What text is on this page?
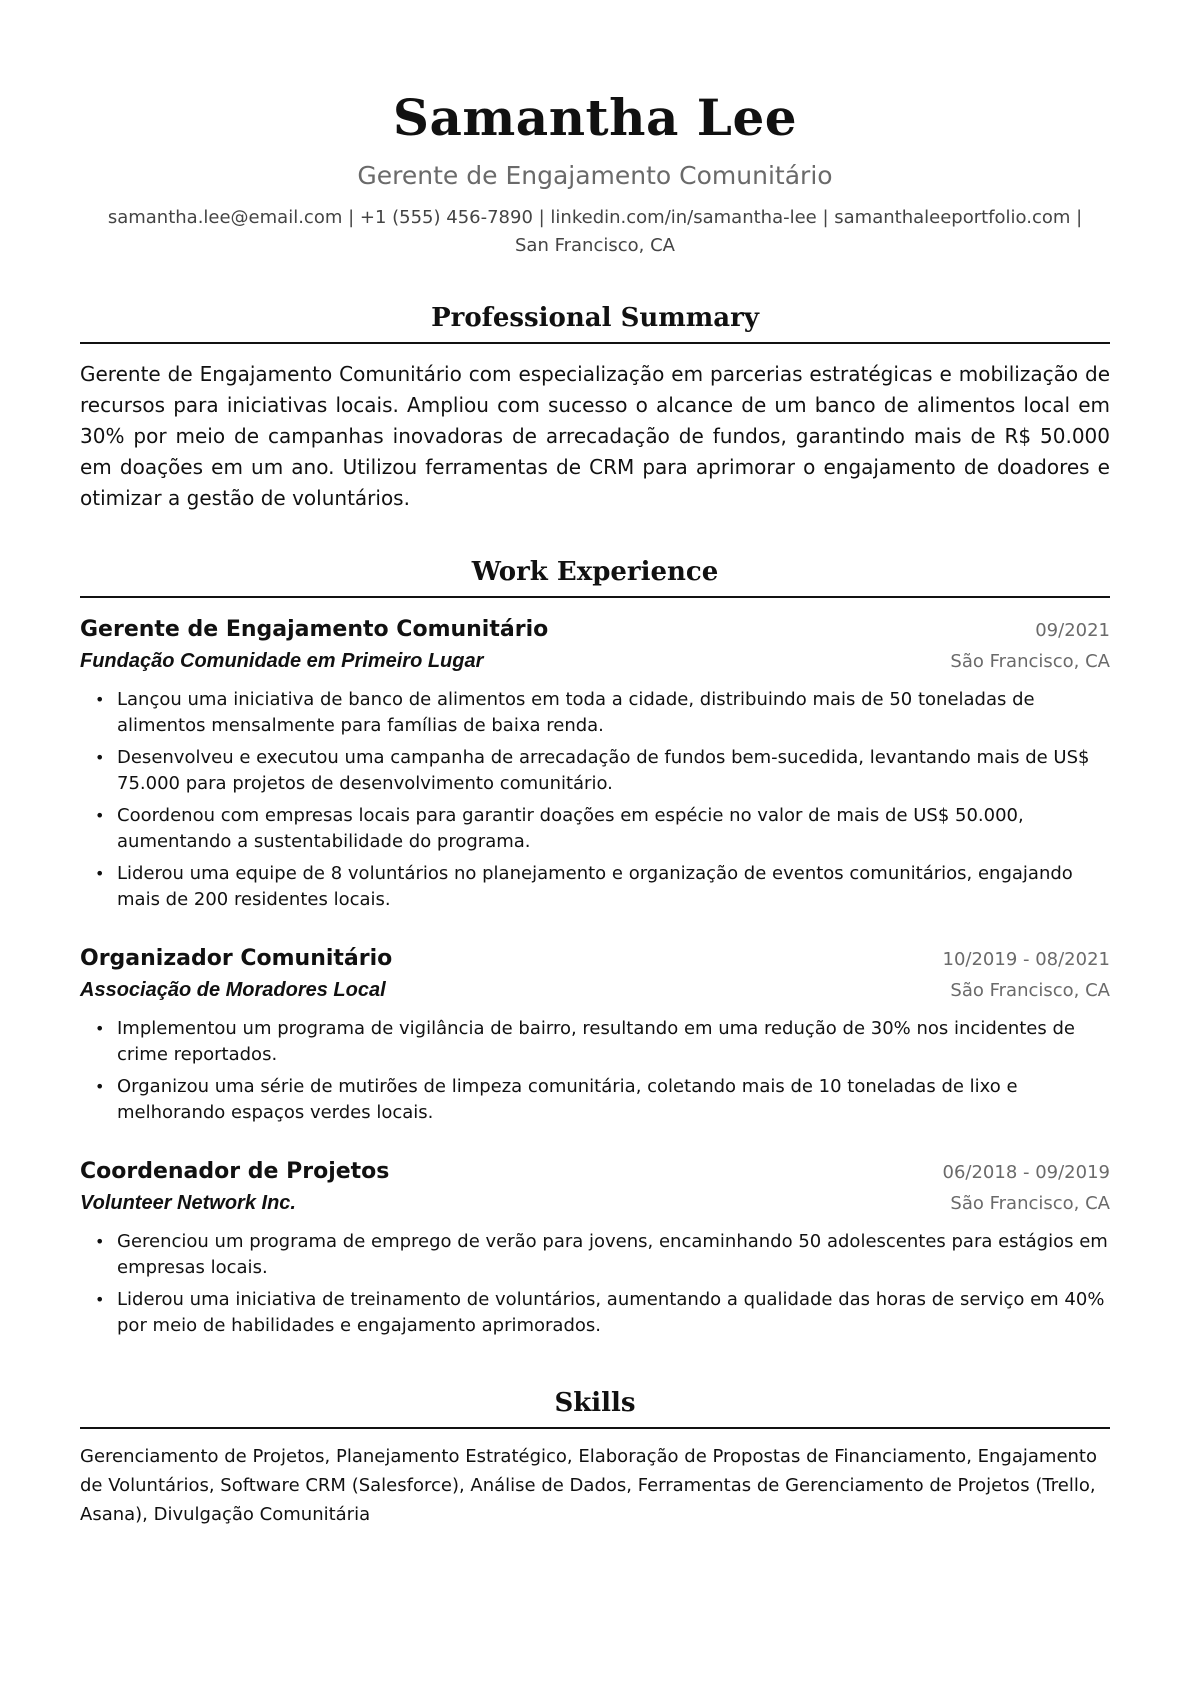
Samantha Lee
Gerente de Engajamento Comunitário
samantha.lee@email.com | +1 (555) 456-7890 | linkedin.com/in/samantha-lee | samanthaleeportfolio.com |
San Francisco, CA
Professional Summary

Gerente de Engajamento Comunitário com especialização em parcerias estratégicas e mobilização de recursos para iniciativas locais. Ampliou com sucesso o alcance de um banco de alimentos local em 30% por meio de campanhas inovadoras de arrecadação de fundos, garantindo mais de R$ 50.000 em doações em um ano. Utilizou ferramentas de CRM para aprimorar o engajamento de doadores e otimizar a gestão de voluntários.

Work Experience
Gerente de Engajamento Comunitário	09/2021
Fundação Comunidade em Primeiro Lugar	São Francisco, CA
• Lançou uma iniciativa de banco de alimentos em toda a cidade, distribuindo mais de 50 toneladas de alimentos mensalmente para famílias de baixa renda.
• Desenvolveu e executou uma campanha de arrecadação de fundos bem-sucedida, levantando mais de US$ 75.000 para projetos de desenvolvimento comunitário.
• Coordenou com empresas locais para garantir doações em espécie no valor de mais de US$ 50.000, aumentando a sustentabilidade do programa.
• Liderou uma equipe de 8 voluntários no planejamento e organização de eventos comunitários, engajando mais de 200 residentes locais.
Organizador Comunitário	10/2019 - 08/2021
Associação de Moradores Local	São Francisco, CA
• Implementou um programa de vigilância de bairro, resultando em uma redução de 30% nos incidentes de crime reportados.
• Organizou uma série de mutirões de limpeza comunitária, coletando mais de 10 toneladas de lixo e melhorando espaços verdes locais.
Coordenador de Projetos	06/2018 - 09/2019
Volunteer Network Inc.	São Francisco, CA
• Gerenciou um programa de emprego de verão para jovens, encaminhando 50 adolescentes para estágios em empresas locais.
• Liderou uma iniciativa de treinamento de voluntários, aumentando a qualidade das horas de serviço em 40% por meio de habilidades e engajamento aprimorados.
Skills
Gerenciamento de Projetos, Planejamento Estratégico, Elaboração de Propostas de Financiamento, Engajamento de Voluntários, Software CRM (Salesforce), Análise de Dados, Ferramentas de Gerenciamento de Projetos (Trello, Asana), Divulgação Comunitária
